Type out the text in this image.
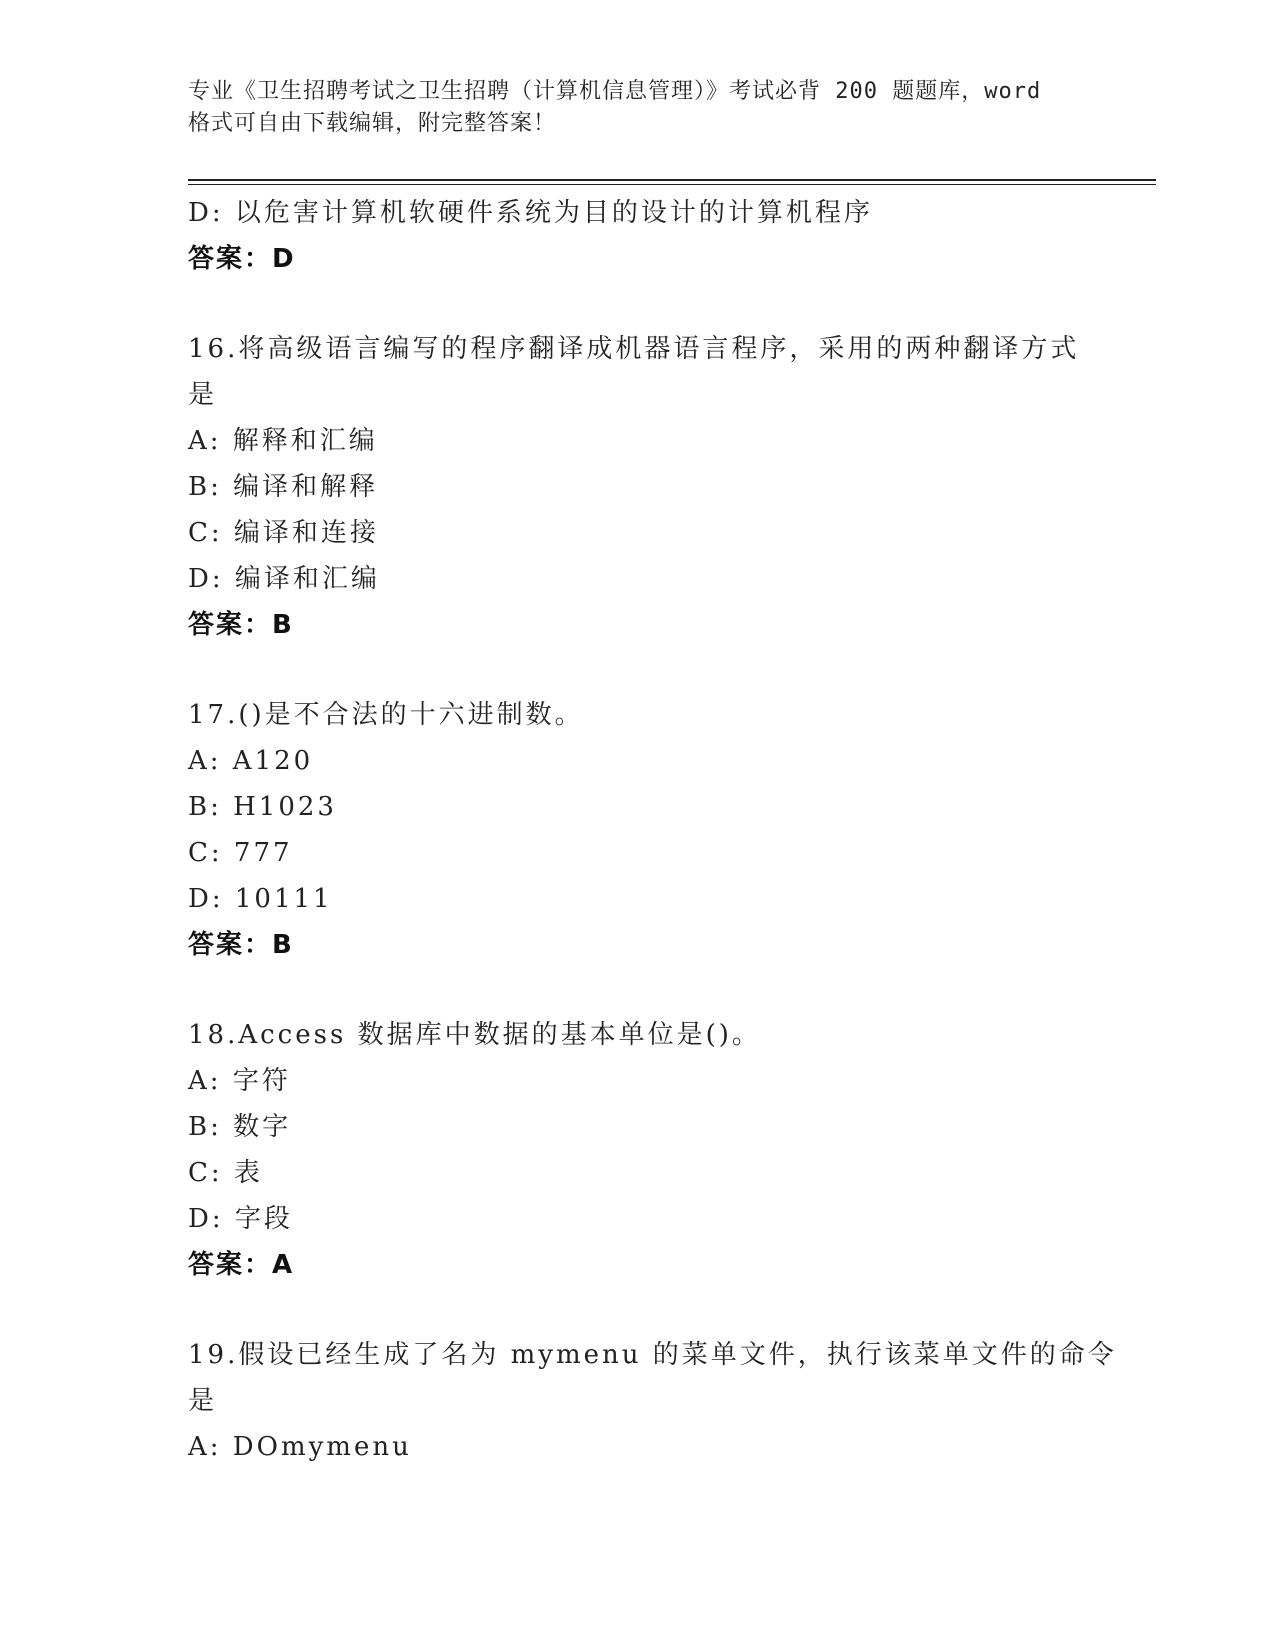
专业《卫生招聘考试之卫生招聘（计算机信息管理）》考试必背 200 题题库，word
格式可自由下载编辑，附完整答案！
D: 以危害计算机软硬件系统为目的设计的计算机程序
答案：D
16.将高级语言编写的程序翻译成机器语言程序，采用的两种翻译方式
是
A: 解释和汇编
B: 编译和解释
C: 编译和连接
D: 编译和汇编
答案：B
17.()是不合法的十六进制数。
A: A120
B: H1023
C: 777
D: 10111
答案：B
18.Access 数据库中数据的基本单位是()。
A: 字符
B: 数字
C: 表
D: 字段
答案：A
19.假设已经生成了名为 mymenu 的菜单文件，执行该菜单文件的命令
是
A: DOmymenu
